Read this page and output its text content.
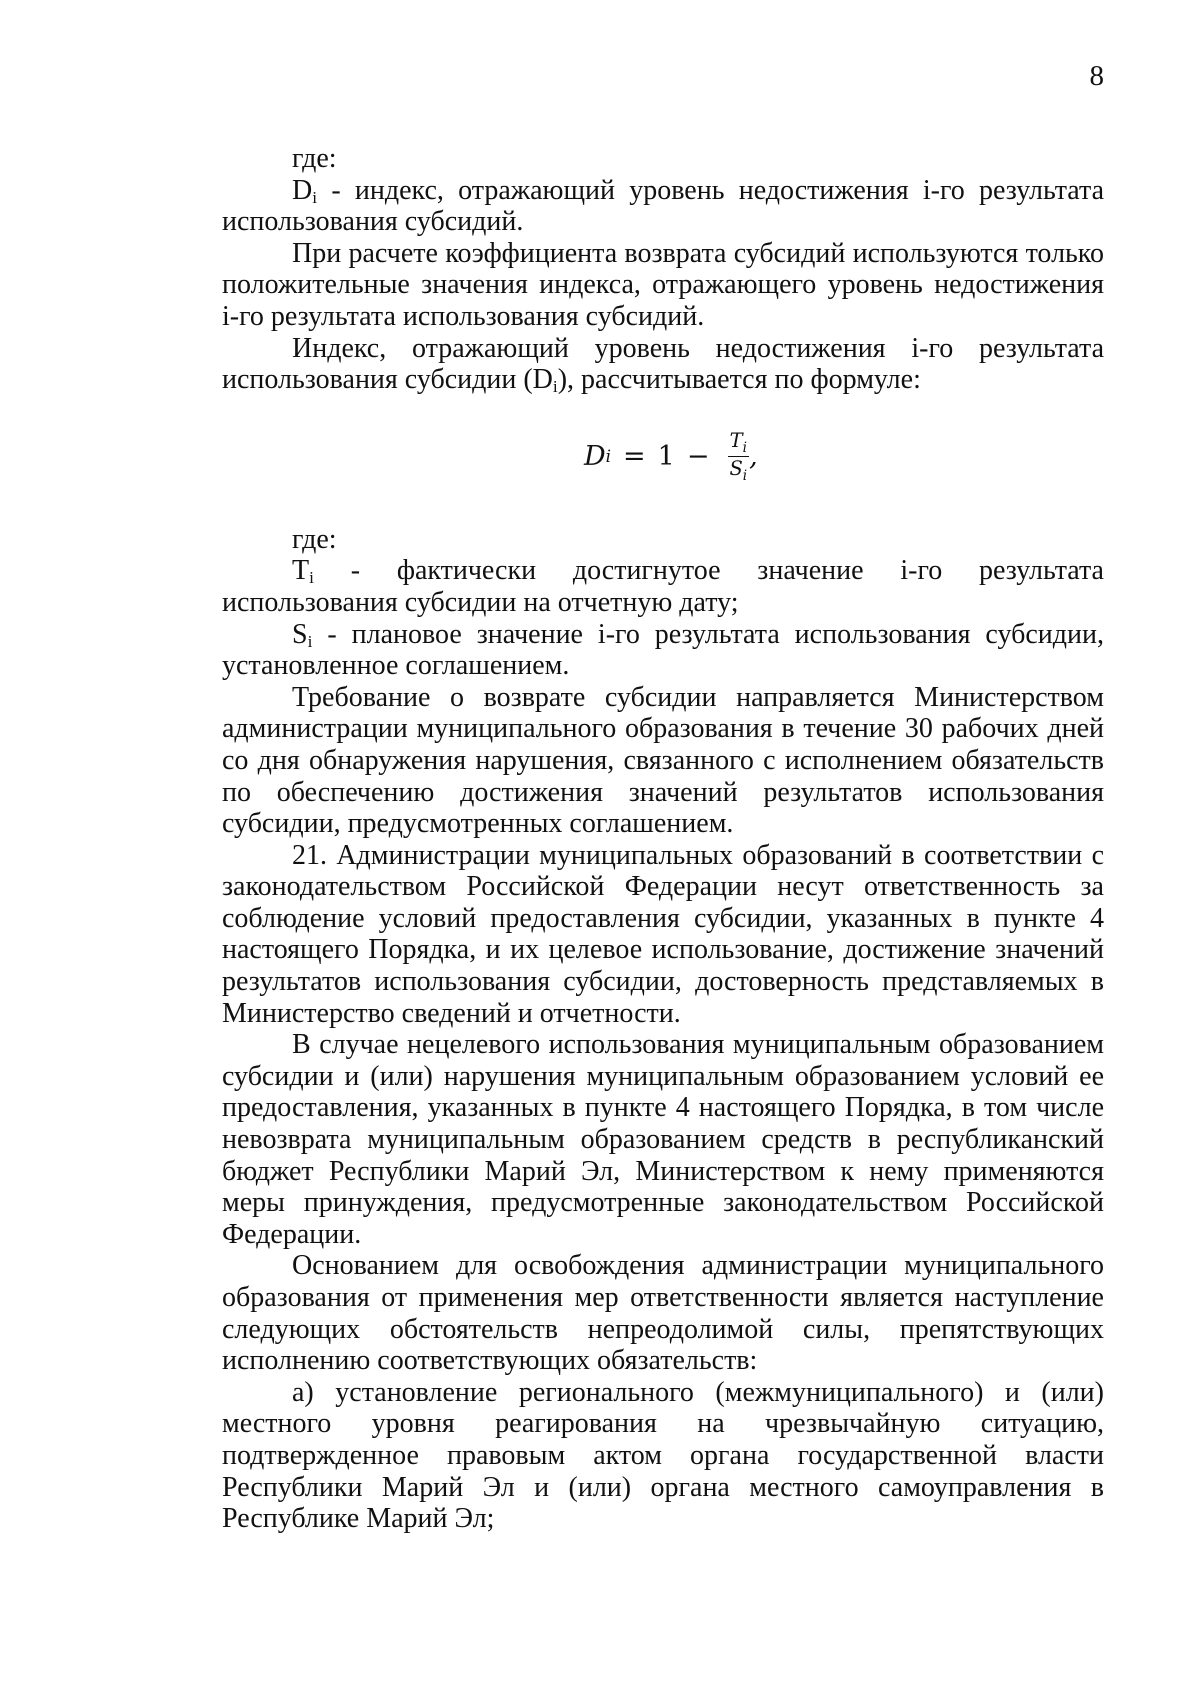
8

где:

Di - индекс, отражающий уровень недостижения i-го результата использования субсидий.

При расчете коэффициента возврата субсидий используются только положительные значения индекса, отражающего уровень недостижения i-го результата использования субсидий.

Индекс, отражающий уровень недостижения i-го результата использования субсидии (Di), рассчитывается по формуле:

D $i = 1 - \frac{T_i}{S_i}$ ,

где:

Ti - фактически достигнутое значение i-го результата использования субсидии на отчетную дату;

Si - плановое значение i-го результата использования субсидии, установленное соглашением.

Требование о возврате субсидии направляется Министерством администрации муниципального образования в течение 30 рабочих дней со дня обнаружения нарушения, связанного с исполнением обязательств по обеспечению достижения значений результатов использования субсидии, предусмотренных соглашением.

21. Администрации муниципальных образований в соответствии с законодательством Российской Федерации несут ответственность за соблюдение условий предоставления субсидии, указанных в пункте 4 настоящего Порядка, и их целевое использование, достижение значений результатов использования субсидии, достоверность представляемых в Министерство сведений и отчетности.

В случае нецелевого использования муниципальным образованием субсидии и (или) нарушения муниципальным образованием условий ее предоставления, указанных в пункте 4 настоящего Порядка, в том числе невозврата муниципальным образованием средств в республиканский бюджет Республики Марий Эл, Министерством к нему применяются меры принуждения, предусмотренные законодательством Российской Федерации.

Основанием для освобождения администрации муниципального образования от применения мер ответственности является наступление следующих обстоятельств непреодолимой силы, препятствующих исполнению соответствующих обязательств:

а) установление регионального (межмуниципального) и (или) местного уровня реагирования на чрезвычайную ситуацию, подтвержденное правовым актом органа государственной власти Республики Марий Эл и (или) органа местного самоуправления в Республике Марий Эл;
